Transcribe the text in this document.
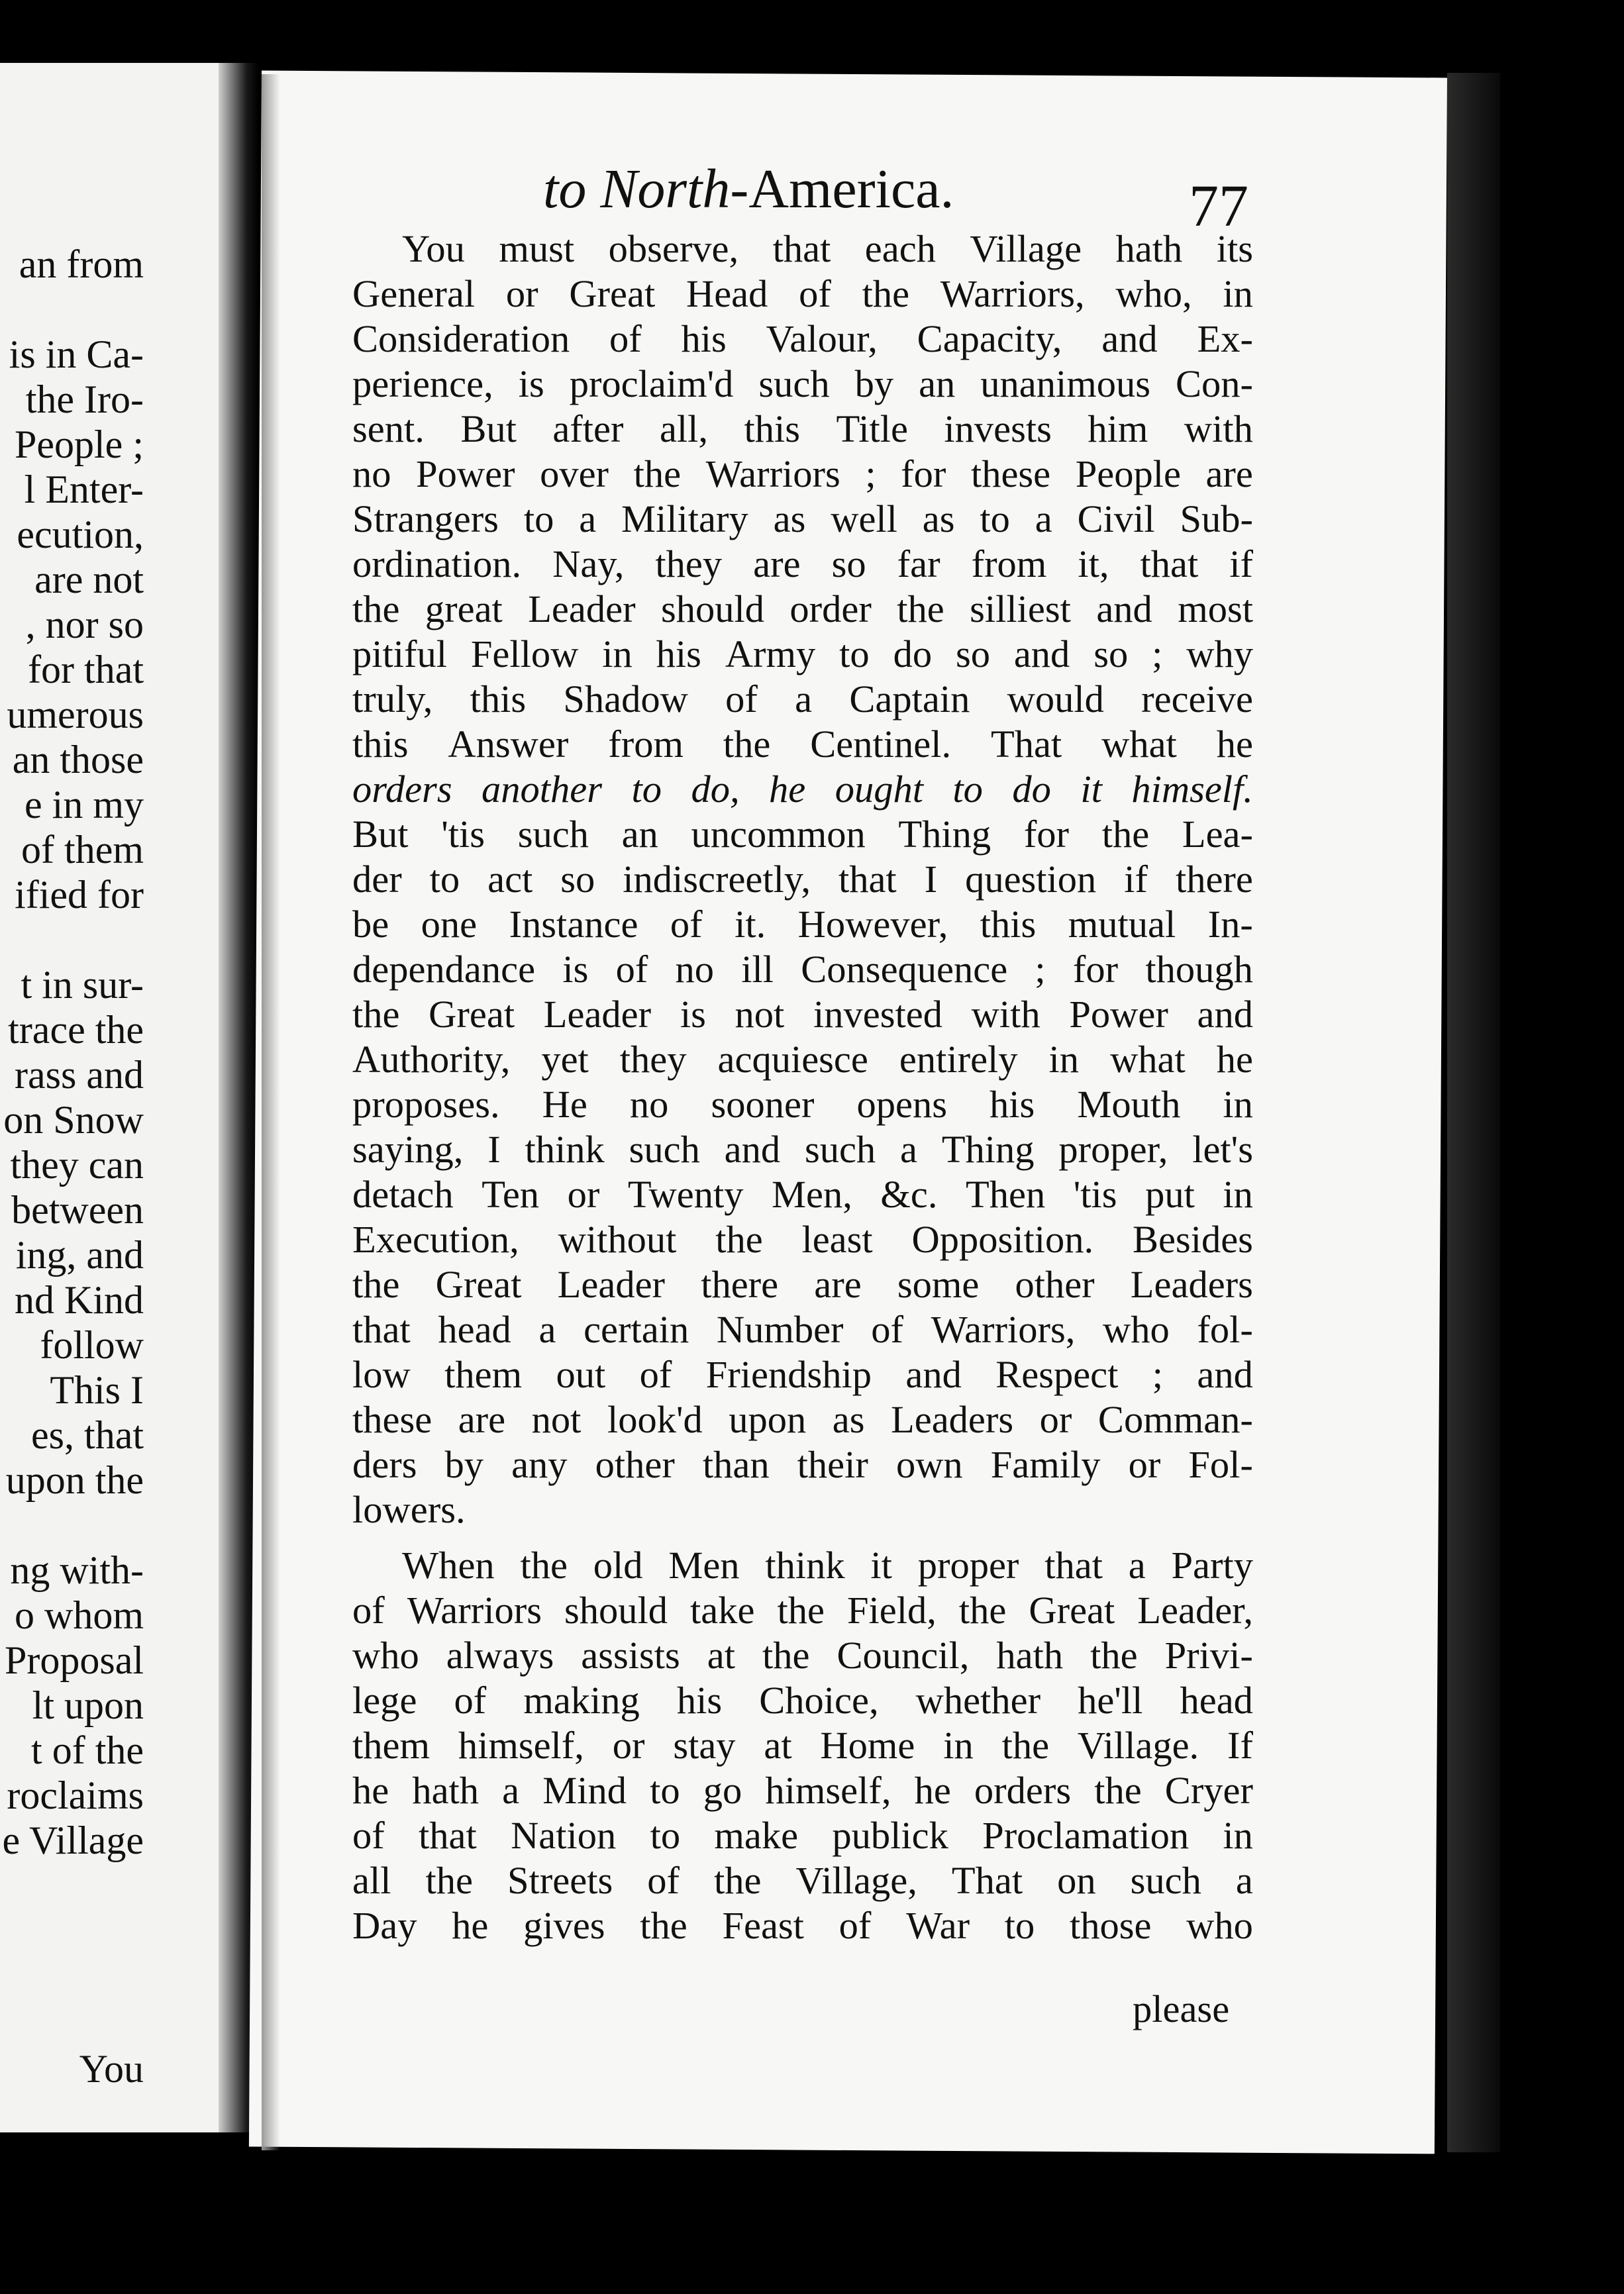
an from
is in Ca-
the Iro-
People ;
l Enter-
ecution,
are not
, nor so
for that
umerous
an those
e in my
of them
ified for
t in sur-
trace the
rass and
on Snow
they can
between
ing, and
nd Kind
follow
This I
es, that
upon the
ng with-
o whom
Proposal
lt upon
t of the
roclaims
e Village
You
to North-America.	77
You must observe, that each Village hath its
General or Great Head of the Warriors, who, in
Consideration of his Valour, Capacity, and Ex-
perience, is proclaim'd such by an unanimous Con-
sent. But after all, this Title invests him with
no Power over the Warriors ; for these People are
Strangers to a Military as well as to a Civil Sub-
ordination. Nay, they are so far from it, that if
the great Leader should order the silliest and most
pitiful Fellow in his Army to do so and so ; why
truly, this Shadow of a Captain would receive
this Answer from the Centinel. That what he
orders another to do, he ought to do it himself.
But 'tis such an uncommon Thing for the Lea-
der to act so indiscreetly, that I question if there
be one Instance of it. However, this mutual In-
dependance is of no ill Consequence ; for though
the Great Leader is not invested with Power and
Authority, yet they acquiesce entirely in what he
proposes. He no sooner opens his Mouth in
saying, I think such and such a Thing proper, let's
detach Ten or Twenty Men, &c. Then 'tis put in
Execution, without the least Opposition. Besides
the Great Leader there are some other Leaders
that head a certain Number of Warriors, who fol-
low them out of Friendship and Respect ; and
these are not look'd upon as Leaders or Comman-
ders by any other than their own Family or Fol-
lowers.
When the old Men think it proper that a Party
of Warriors should take the Field, the Great Leader,
who always assists at the Council, hath the Privi-
lege of making his Choice, whether he'll head
them himself, or stay at Home in the Village. If
he hath a Mind to go himself, he orders the Cryer
of that Nation to make publick Proclamation in
all the Streets of the Village, That on such a
Day he gives the Feast of War to those who
please
